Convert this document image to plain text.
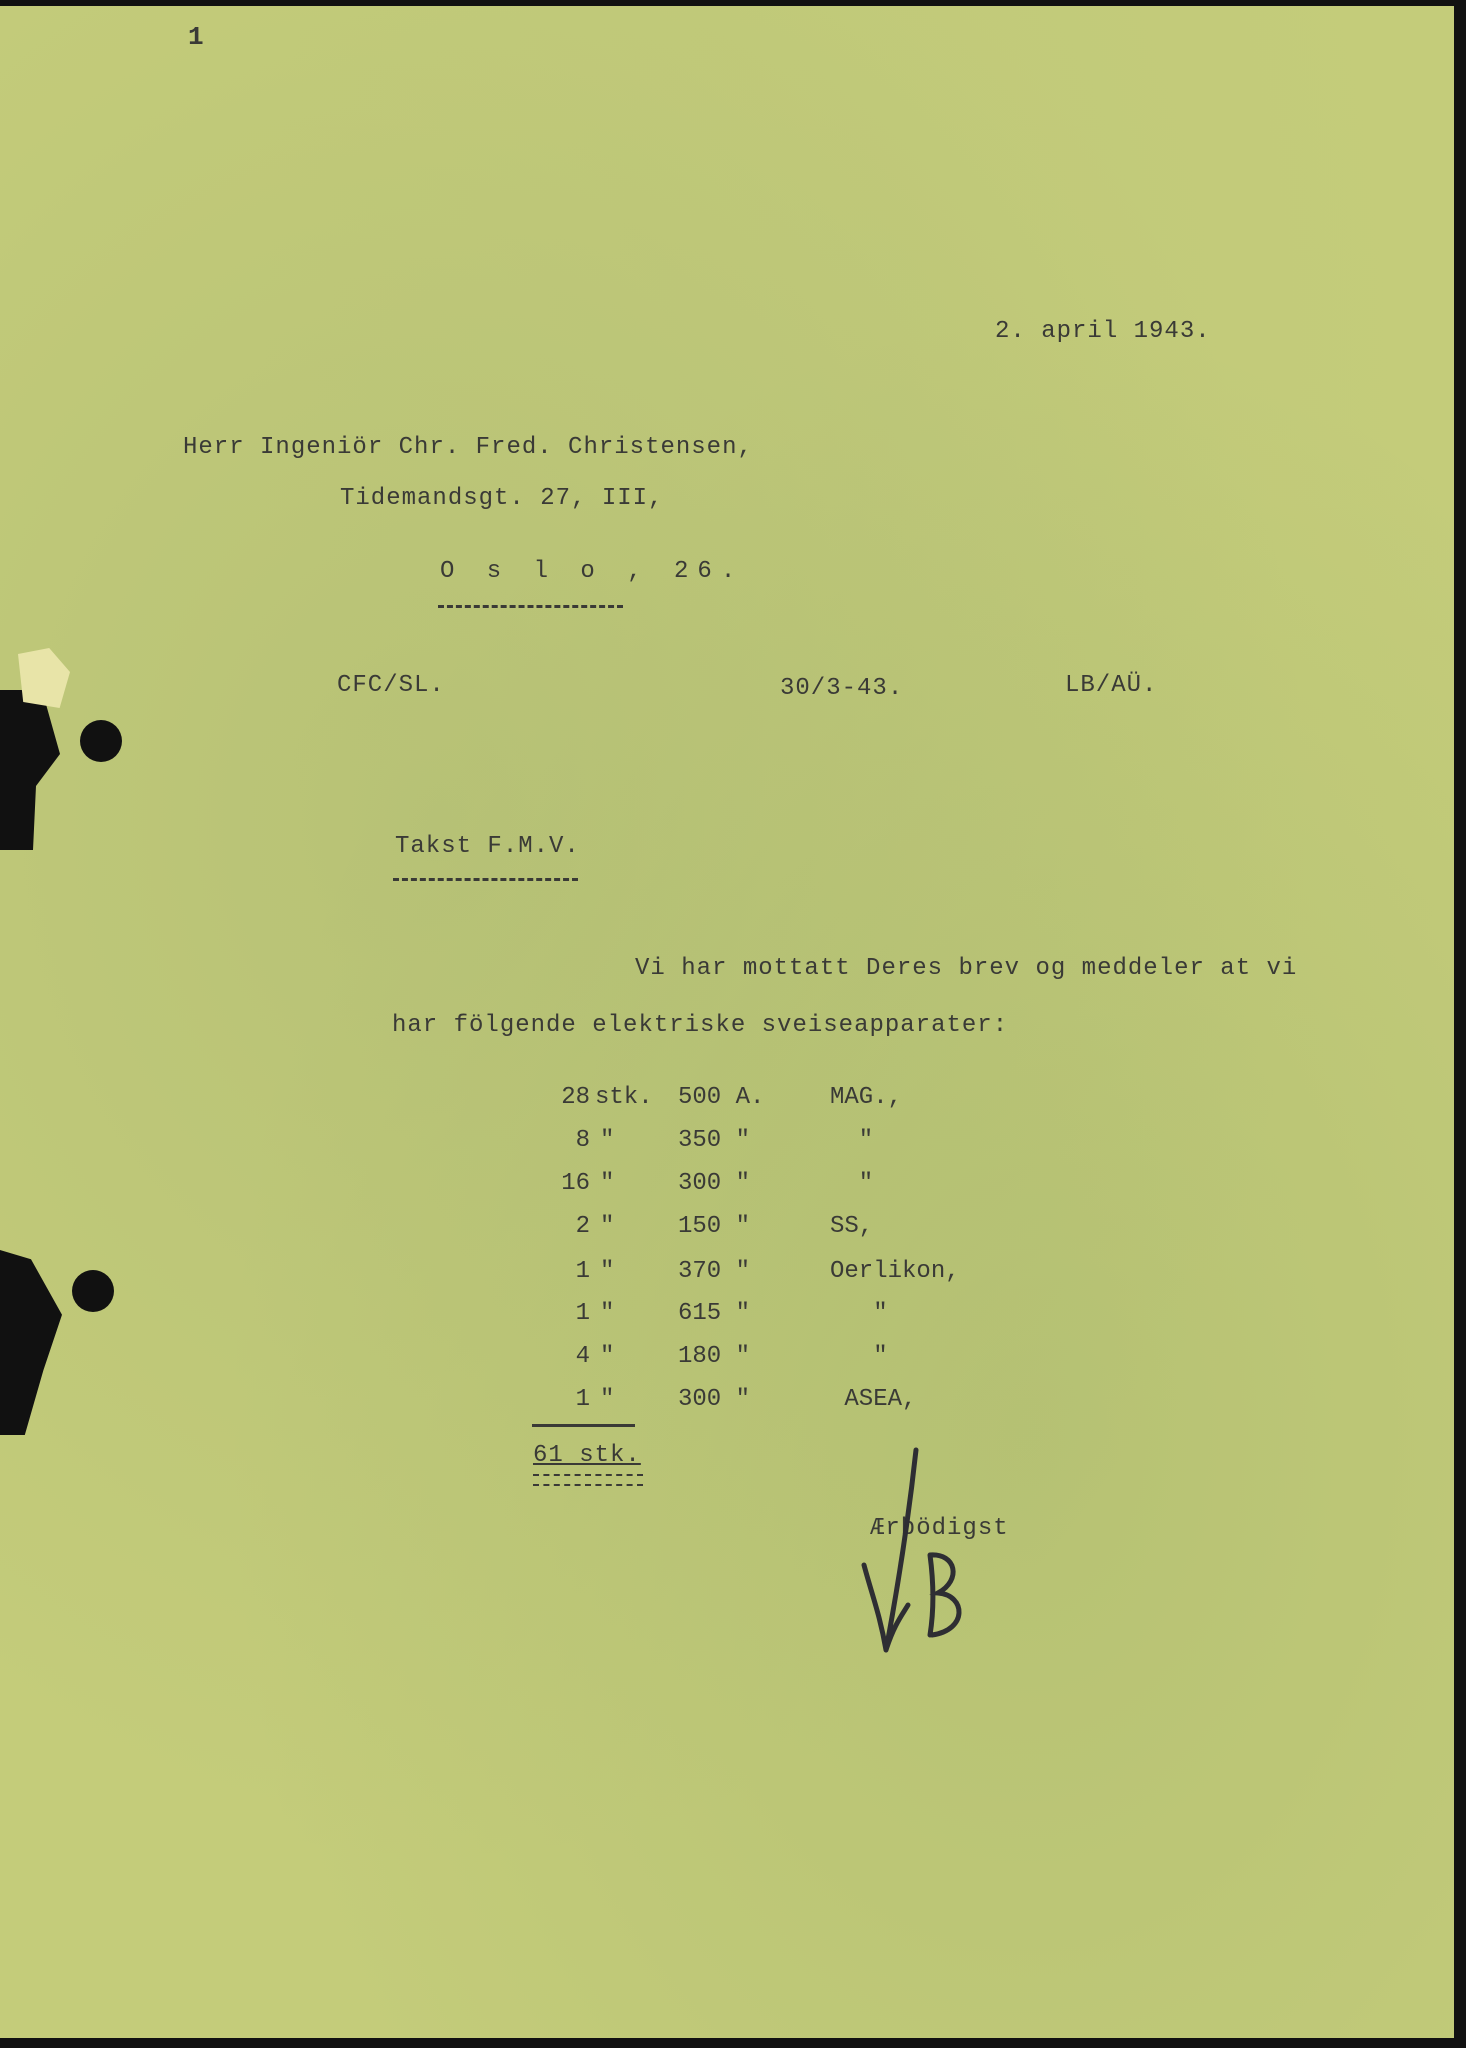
1
2. april 1943.
Herr Ingeniör Chr. Fred. Christensen,
Tidemandsgt. 27, III,
O s l o , 26.
CFC/SL.	30/3-43.	LB/AÜ.
Takst F.M.V.
Vi har mottatt Deres brev og meddeler at vi
har fölgende elektriske sveiseapparater:
28 stk. 500 A.	MAG.,
8 "	350 "	"
16 "	300 "	"
2 "	150 "	SS,
1 "	370 "	Oerlikon,
1 "	615 "	"
4 "	180 "	"
1 "	300 "	ASEA,
61 stk.
Ærbödigst
